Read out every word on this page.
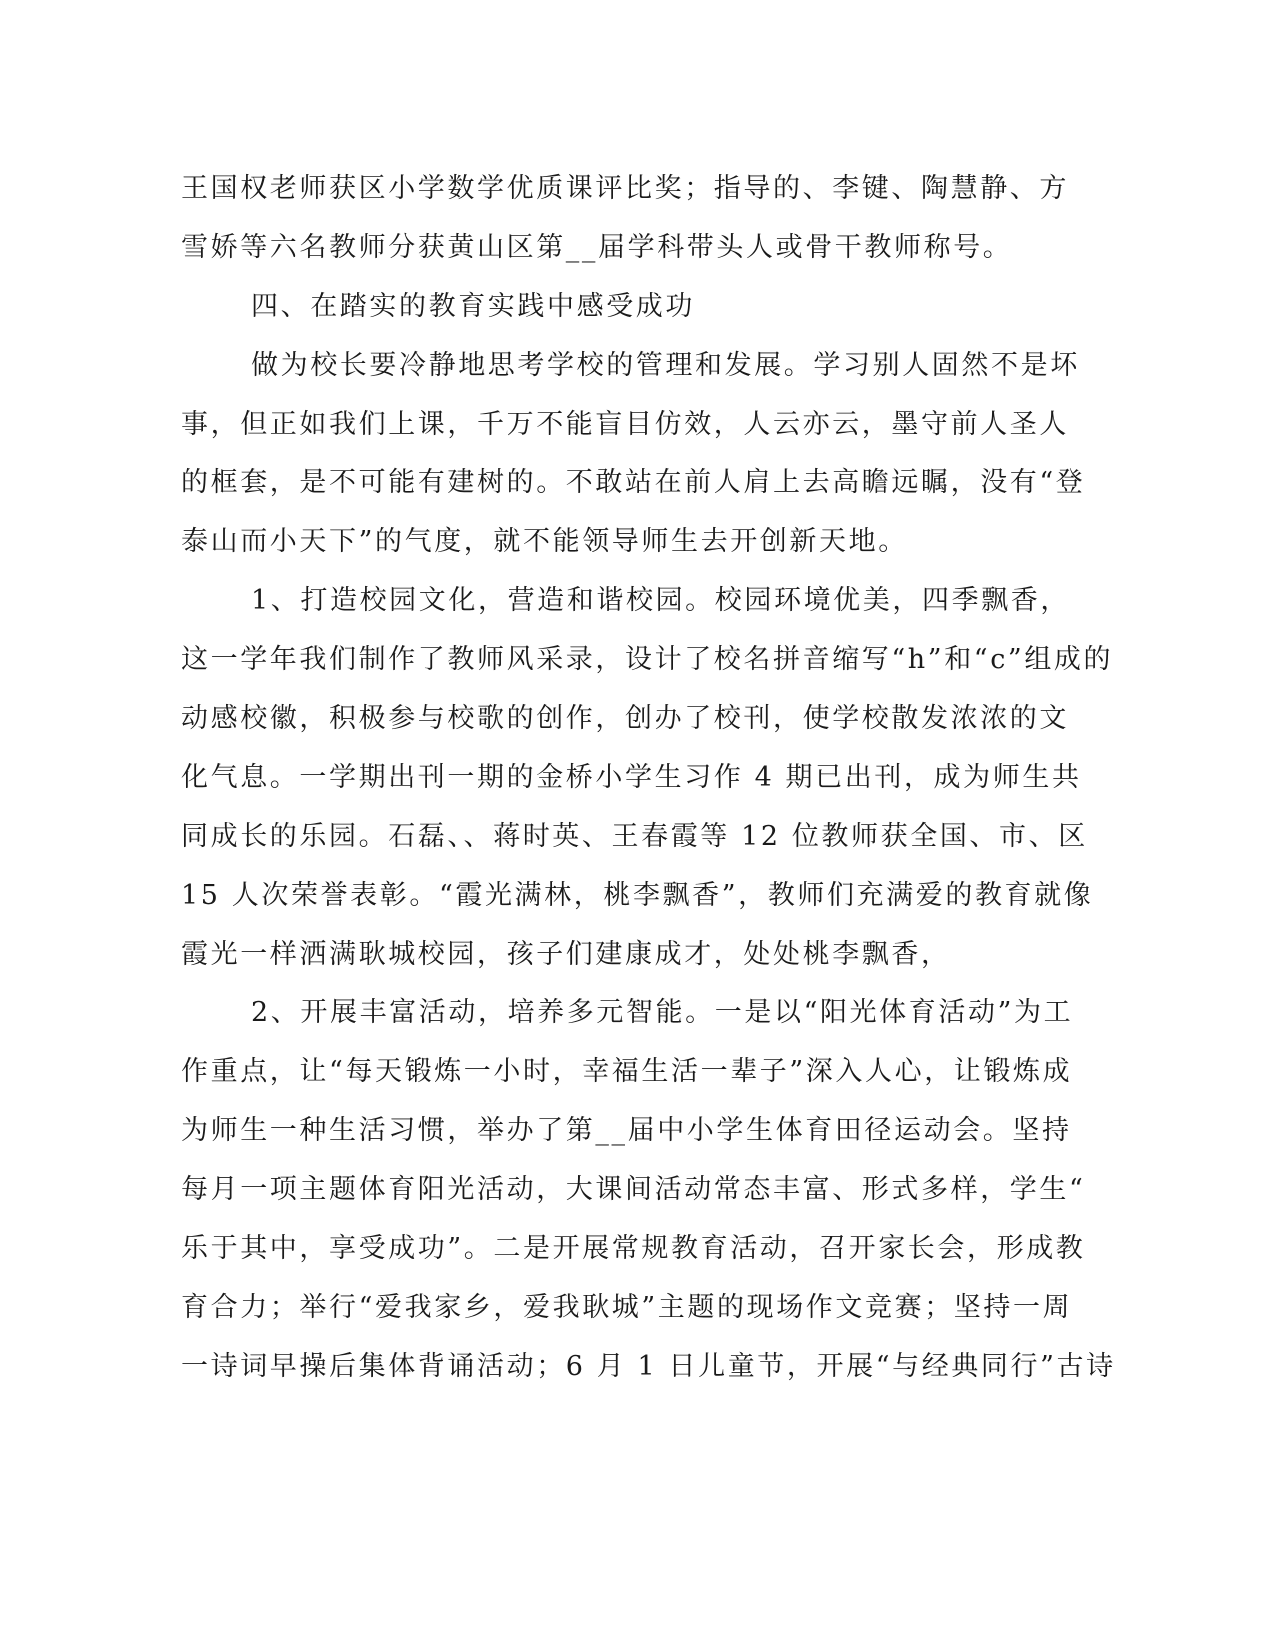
王国权老师获区小学数学优质课评比奖；指导的、李键、陶慧静、方
雪娇等六名教师分获黄山区第__届学科带头人或骨干教师称号。
四、在踏实的教育实践中感受成功
做为校长要冷静地思考学校的管理和发展。学习别人固然不是坏
事，但正如我们上课，千万不能盲目仿效，人云亦云，墨守前人圣人
的框套，是不可能有建树的。不敢站在前人肩上去高瞻远瞩，没有“登
泰山而小天下”的气度，就不能领导师生去开创新天地。
1、打造校园文化，营造和谐校园。校园环境优美，四季飘香，
这一学年我们制作了教师风采录，设计了校名拼音缩写“h”和“c”组成的
动感校徽，积极参与校歌的创作，创办了校刊，使学校散发浓浓的文
化气息。一学期出刊一期的金桥小学生习作 4 期已出刊，成为师生共
同成长的乐园。石磊、、蒋时英、王春霞等 12 位教师获全国、市、区
15 人次荣誉表彰。“霞光满林，桃李飘香”，教师们充满爱的教育就像
霞光一样洒满耿城校园，孩子们建康成才，处处桃李飘香，
2、开展丰富活动，培养多元智能。一是以“阳光体育活动”为工
作重点，让“每天锻炼一小时，幸福生活一辈子”深入人心，让锻炼成
为师生一种生活习惯，举办了第__届中小学生体育田径运动会。坚持
每月一项主题体育阳光活动，大课间活动常态丰富、形式多样，学生“
乐于其中，享受成功”。二是开展常规教育活动，召开家长会，形成教
育合力；举行“爱我家乡，爱我耿城”主题的现场作文竞赛；坚持一周
一诗词早操后集体背诵活动；6 月 1 日儿童节，开展“与经典同行”古诗
